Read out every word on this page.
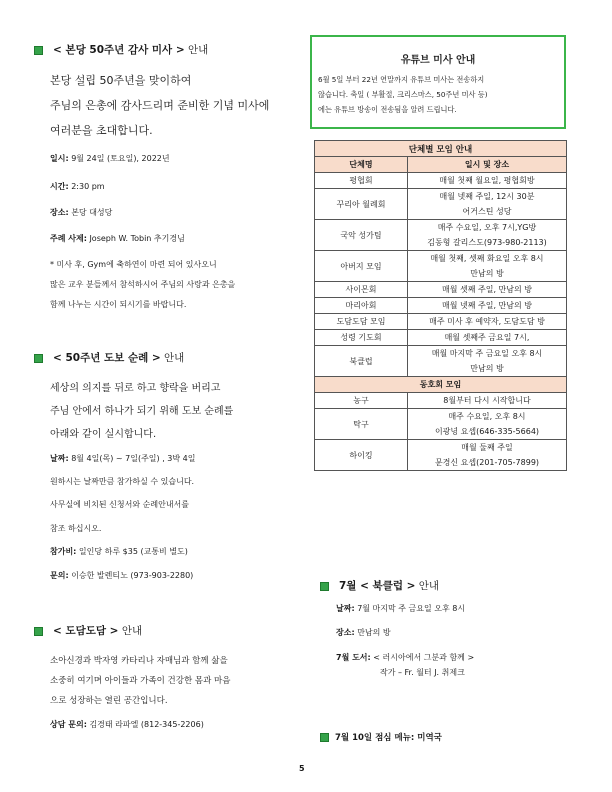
< 본당 50주년 감사 미사 > 안내
본당 설립 50주년을 맞이하여
주님의 은총에 감사드리며 준비한 기념 미사에
여러분을 초대합니다.
일시: 9월 24일 (토요일), 2022년
시간: 2:30 pm
장소: 본당 대성당
주례 사제: Joseph W. Tobin 추기경님
* 미사 후, Gym에 축하연이 마련 되어 있사오니
많은 교우 분들께서 참석하시어 주님의 사랑과 은총을
함께 나누는 시간이 되시기를 바랍니다.
< 50주년 도보 순례 > 안내
세상의 의지를 뒤로 하고 향락을 버리고
주님 안에서 하나가 되기 위해 도보 순례를
아래와 같이 실시합니다.
날짜: 8월 4일(목) ~ 7일(주일) , 3박 4일
원하시는 날짜만큼 참가하실 수 있습니다.
사무실에 비치된 신청서와 순례안내서를
참조 하십시오.
참가비: 일인당 하루 $35 (교통비 별도)
문의: 이승한 발렌티노 (973-903-2280)
< 도담도담 > 안내
소아신경과 박자영 카타리나 자매님과 함께 삶을
소중히 여기며 아이들과 가족이 건강한 몸과 마음
으로 성장하는 열린 공간입니다.
상담 문의: 김경태 라파엘 (812-345-2206)
유튜브 미사 안내
6월 5일 부터 22년 연말까지 유튜브 미사는 전송하지
않습니다. 축일 ( 부활절, 크리스마스, 50주년 미사 등)
에는 유튜브 방송이 전송됨을 알려 드립니다.
단체별 모임 안내	
단체명	일시 및 장소
평협회	매월 첫째 월요일, 평협회방

꾸리아 월례회	매월 넷째 주일, 12시 30분
어거스틴 성당

국악 성가팀	매주 수요일, 오후 7시,YG방
김동형 갈리스도(973-980-2113)

아버지 모임	매월 첫째, 셋째 화요일 오후 8시
만남의 방

사이몬회	매월 셋째 주일, 만남의 방

마리아회	매월 넷째 주일, 만남의 방

도담도담 모임	매주 미사 후 예약자, 도담도담 방

성령 기도회	매월 셋째주 금요일 7시,

북클럽	매월 마지막 주 금요일 오후 8시
만남의 방

동호회 모임	
농구	8월부터 다시 시작합니다

탁구	매주 수요일, 오후 8시
이광녕 요셉(646-335-5664)

하이킹	매월 둘째 주일
문경신 요셉(201-705-7899)
7월 < 북클럽 > 안내
날짜: 7월 마지막 주 금요일 오후 8시
장소: 만남의 방
7월 도서: < 러시아에서 그분과 함께 >
작가 – Fr. 월터 J. 취제크
7월 10일 점심 메뉴: 미역국
5
